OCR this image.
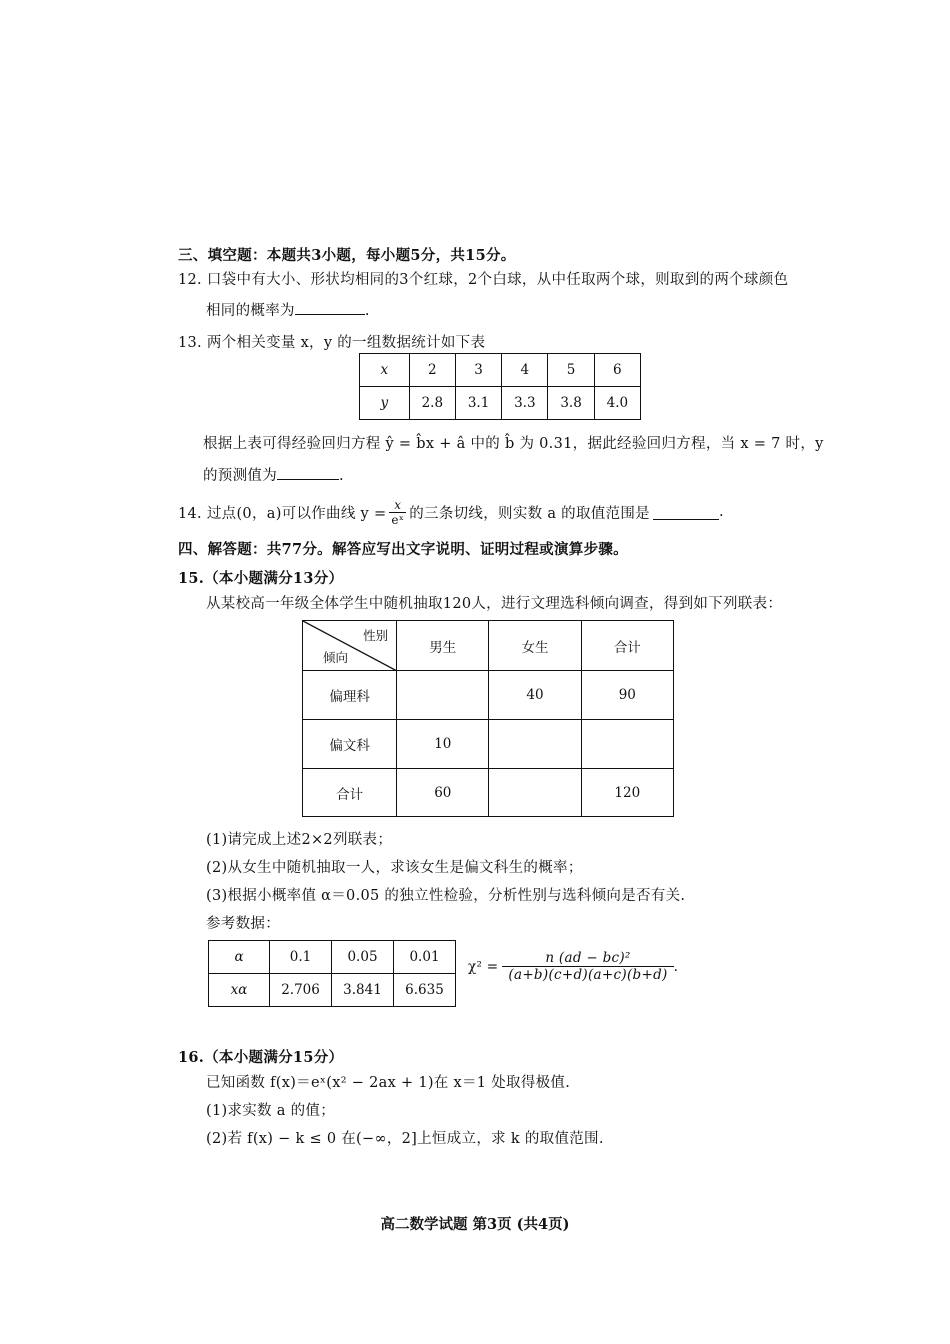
三、填空题：本题共3小题，每小题5分，共15分。
12. 口袋中有大小、形状均相同的3个红球，2个白球，从中任取两个球，则取到的两个球颜色
相同的概率为	.
13. 两个相关变量 x，y 的一组数据统计如下表
x	2	3	4	5	6
y	2.8	3.1	3.3	3.8	4.0
根据上表可得经验回归方程 ŷ = b̂x + â 中的 b̂ 为 0.31，据此经验回归方程，当 x = 7 时，y
的预测值为	.
14. 过点(0，a)可以作曲线 $y = \frac{x}{\text{eˣ}}$ 的三条切线，则实数 a 的取值范围是	.
四、解答题：共77分。解答应写出文字说明、证明过程或演算步骤。
15.（本小题满分13分）
从某校高一年级全体学生中随机抽取120人，进行文理选科倾向调查，得到如下列联表：
性别
倾向	男生	女生	合计
偏理科		40	90
偏文科	10		
合计	60		120
(1)请完成上述2×2列联表；
(2)从女生中随机抽取一人，求该女生是偏文科生的概率；
(3)根据小概率值 α＝0.05 的独立性检验，分析性别与选科倾向是否有关.
参考数据：
α	0.1	0.05	0.01
xα	2.706	3.841	6.635
$\chi^2 = \frac{\text{n (ad − bc)²}}{(a+b)(c+d)(a+c)(b+d)}$ .
16.（本小题满分15分）
已知函数 f(x)＝eˣ(x² − 2ax + 1)在 x＝1 处取得极值.
(1)求实数 a 的值；
(2)若 f(x) − k ≤ 0 在(−∞，2]上恒成立，求 k 的取值范围.
高二数学试题 第3页 (共4页)
